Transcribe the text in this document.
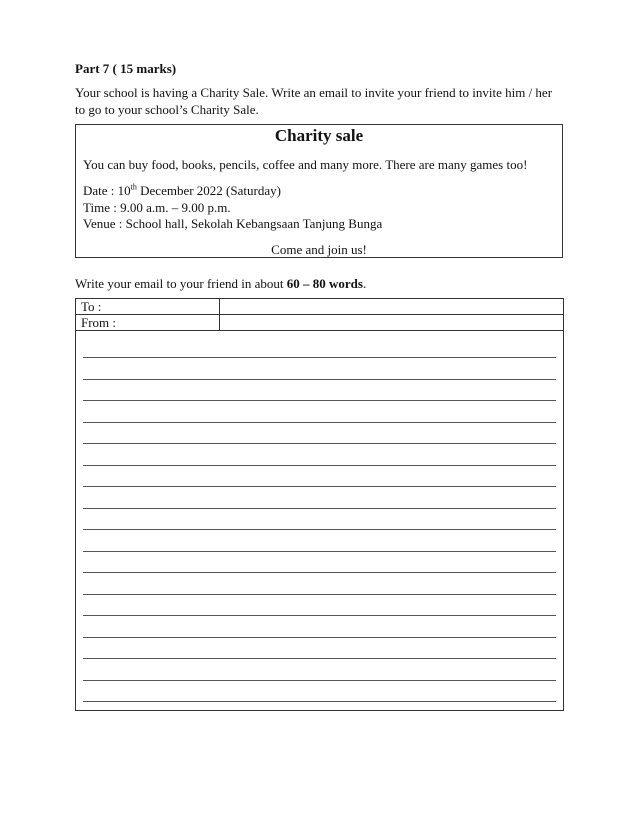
Part 7 ( 15 marks)
Your school is having a Charity Sale. Write an email to invite your friend to invite him / her to go to your school’s Charity Sale.
Charity sale
You can buy food, books, pencils, coffee and many more. There are many games too!
Date : 10th December 2022 (Saturday)
Time : 9.00 a.m. – 9.00 p.m.
Venue : School hall, Sekolah Kebangsaan Tanjung Bunga
Come and join us!
Write your email to your friend in about 60 – 80 words.
To :
From :
